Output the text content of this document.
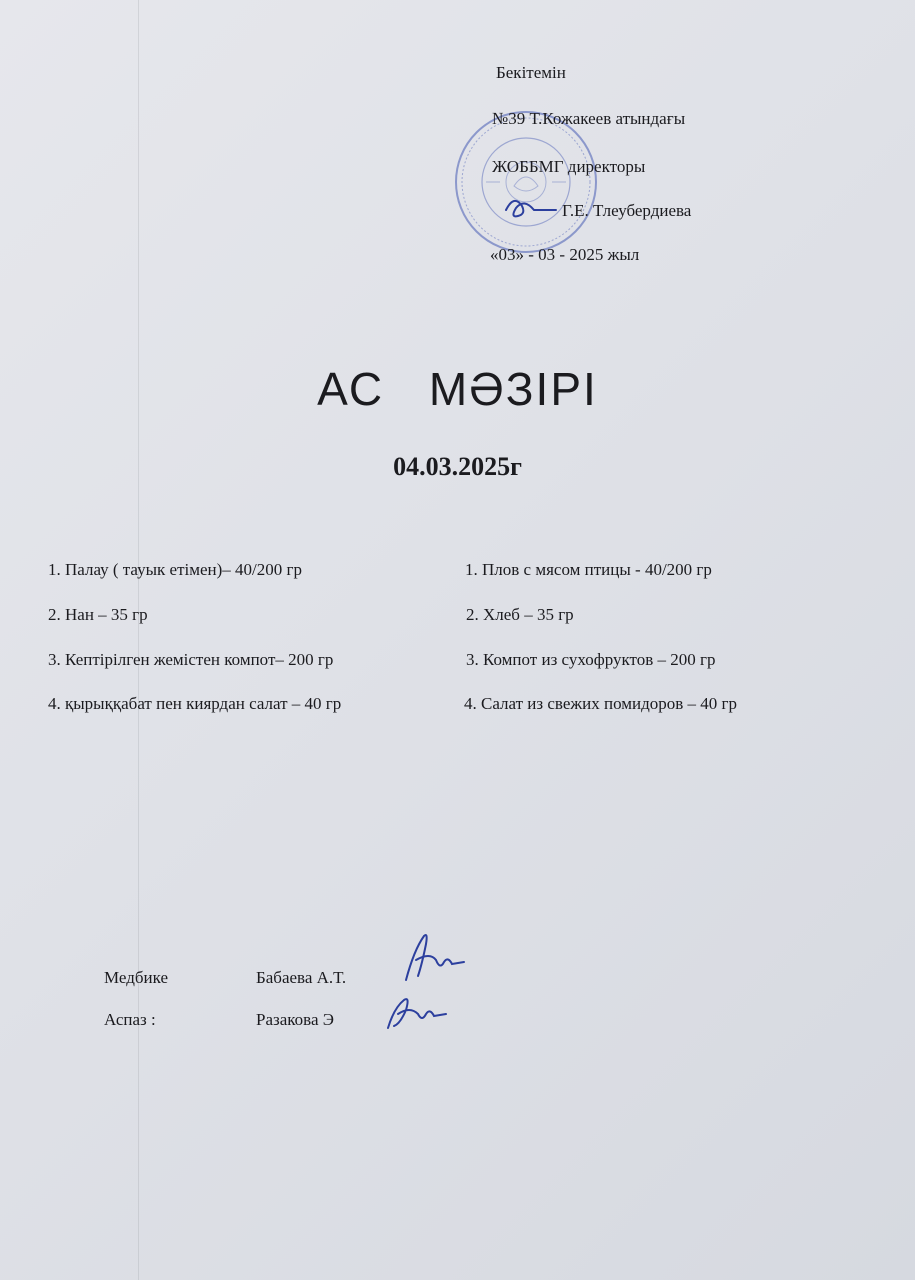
Бекітемін
№39 Т.Кожакеев атындағы
ЖОББМГ директоры
Г.Е. Тлеубердиева
«03» - 03 - 2025 жыл
АС МӘЗІРІ
04.03.2025г
1. Палау ( тауык етімен)– 40/200 гр
2. Нан – 35 гр
3. Кептірілген жемістен компот– 200 гр
4. қырыққабат пен киярдан салат – 40 гр
1. Плов с мясом птицы - 40/200 гр
2. Хлеб – 35 гр
3. Компот из сухофруктов – 200 гр
4. Салат из свежих помидоров – 40 гр
Медбике	Бабаева А.Т.
Аспаз :	Разакова Э
